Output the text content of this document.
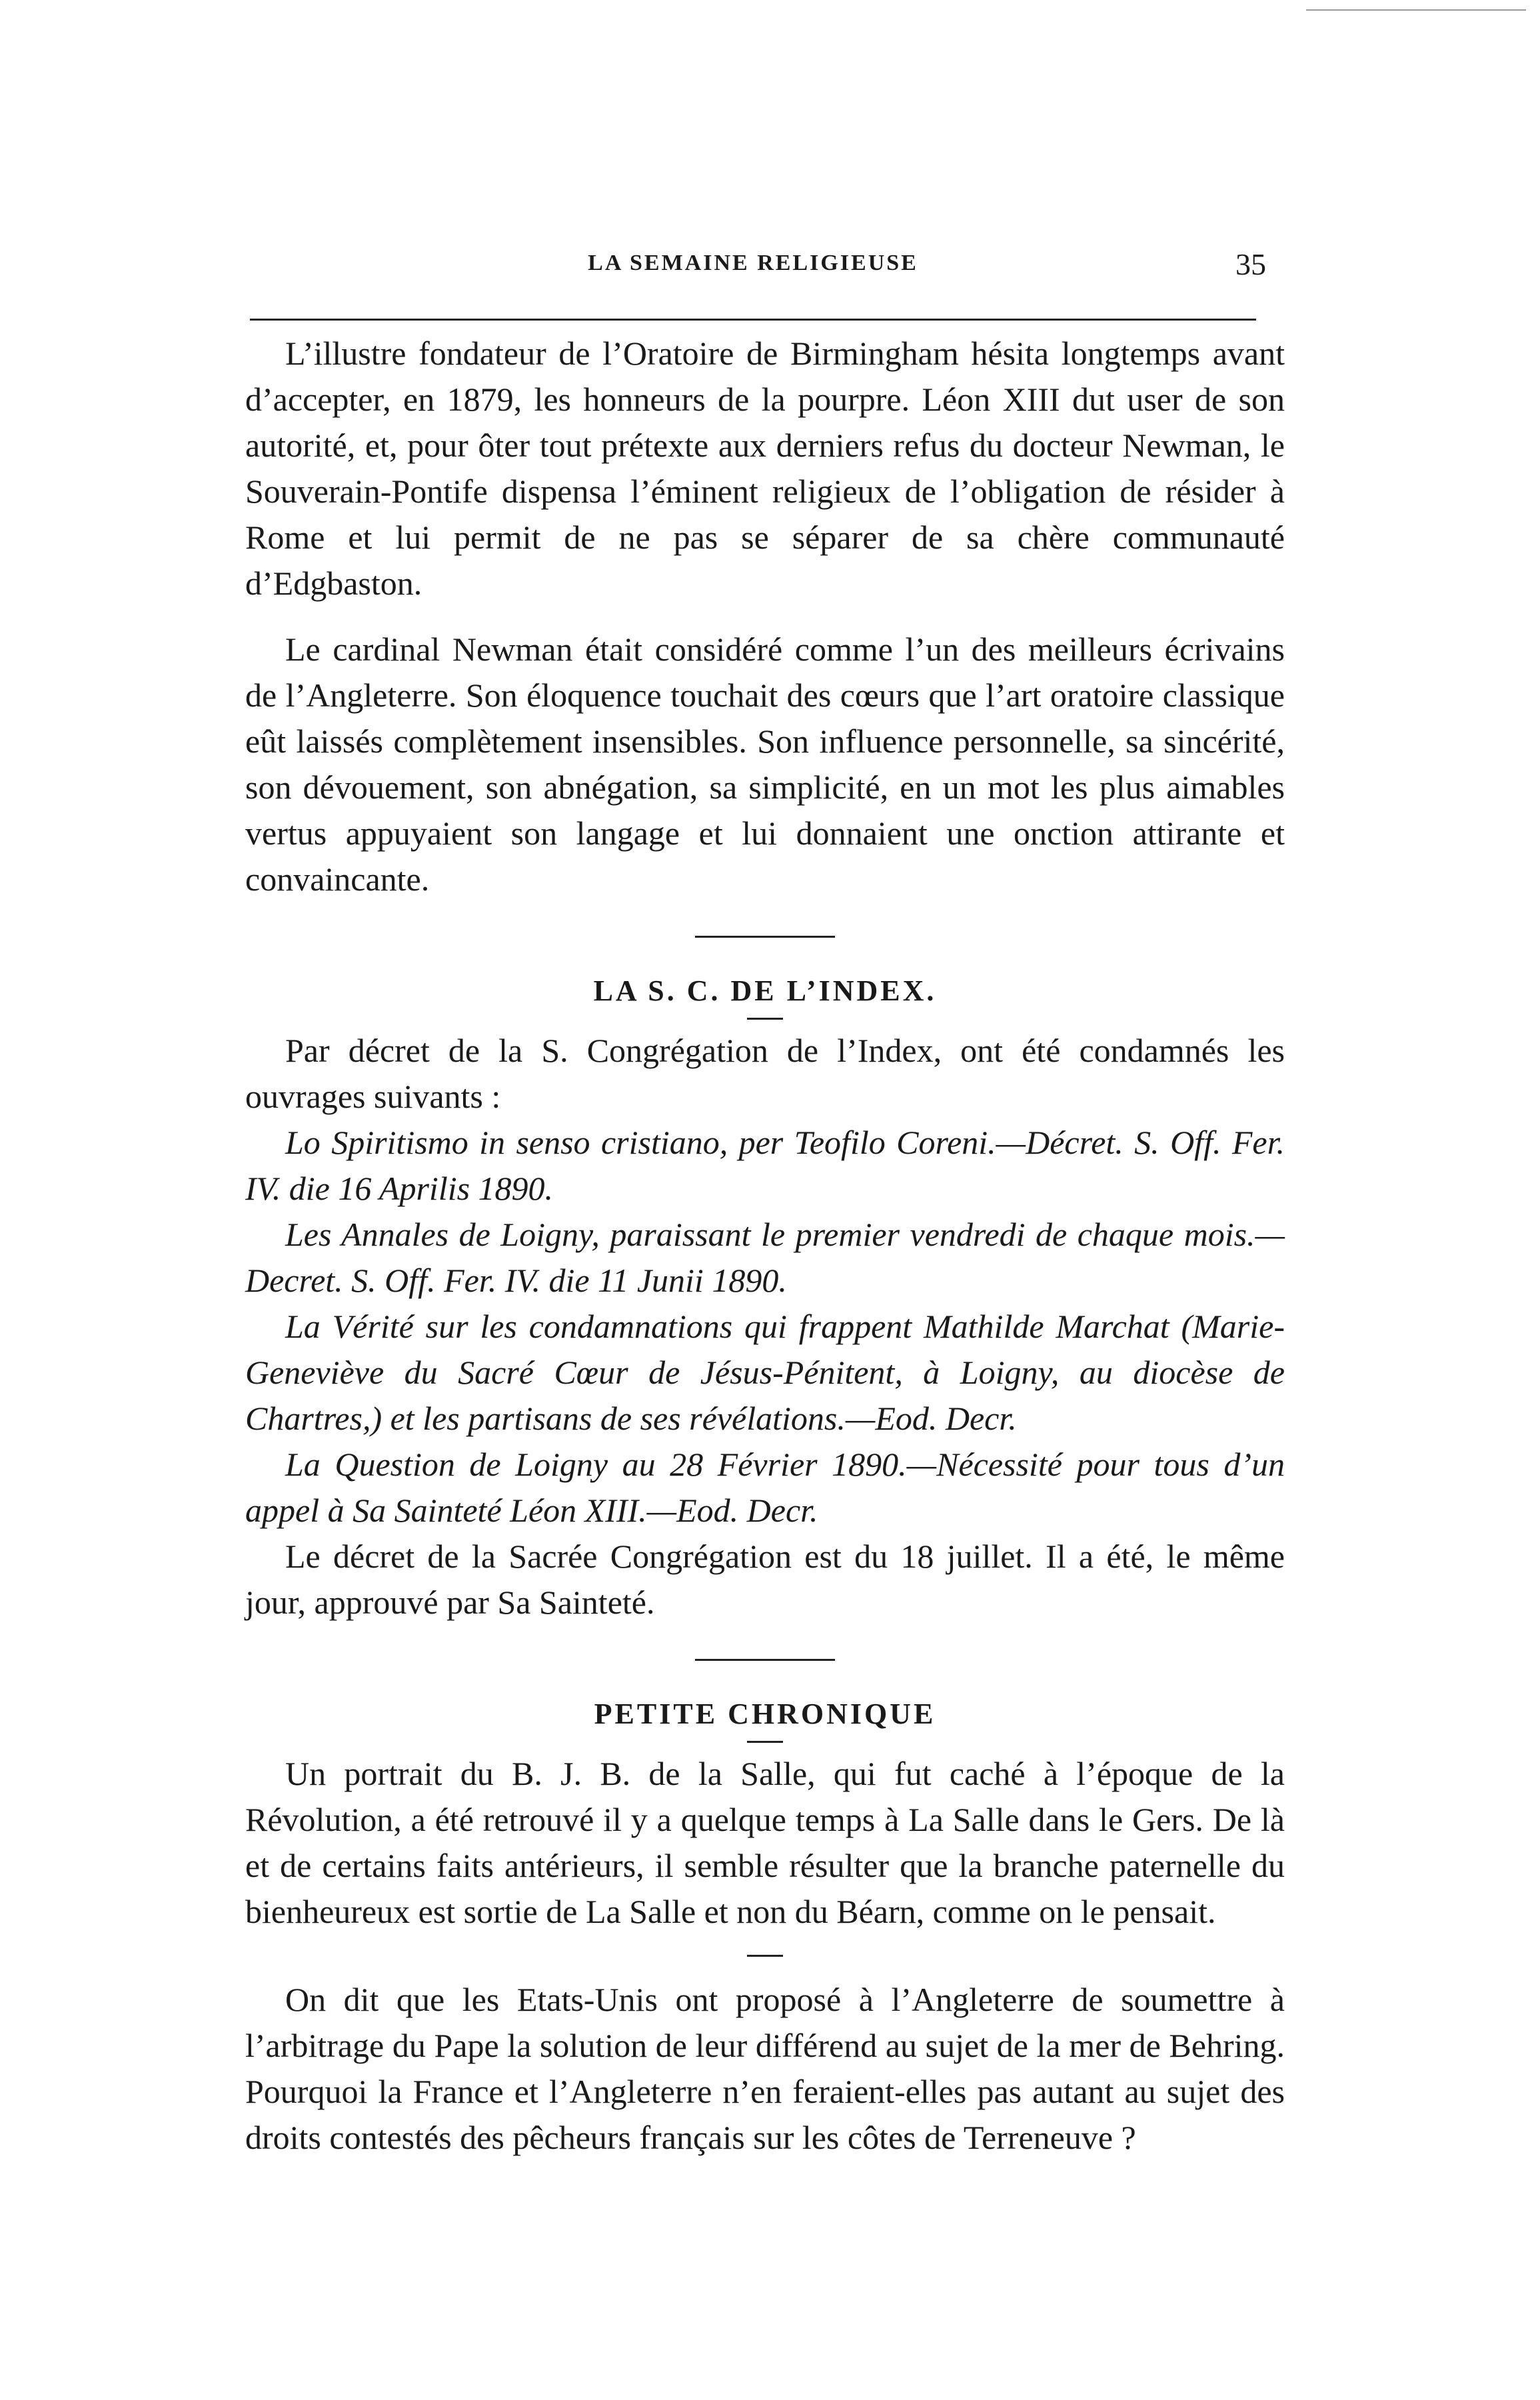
LA SEMAINE RELIGIEUSE	35

L’illustre fondateur de l’Oratoire de Birmingham hésita longtemps avant d’accepter, en 1879, les honneurs de la pourpre. Léon XIII dut user de son autorité, et, pour ôter tout prétexte aux derniers refus du docteur Newman, le Souverain-Pontife dispensa l’éminent religieux de l’obligation de résider à Rome et lui permit de ne pas se séparer de sa chère communauté d’Edgbaston.

Le cardinal Newman était considéré comme l’un des meilleurs écrivains de l’Angleterre. Son éloquence touchait des cœurs que l’art oratoire classique eût laissés complètement insensibles. Son influence personnelle, sa sincérité, son dévouement, son abnégation, sa simplicité, en un mot les plus aimables vertus appuyaient son langage et lui donnaient une onction attirante et convaincante.

LA S. C. DE L’INDEX.

Par décret de la S. Congrégation de l’Index, ont été condamnés les ouvrages suivants :

Lo Spiritismo in senso cristiano, per Teofilo Coreni.—Décret. S. Off. Fer. IV. die 16 Aprilis 1890.

Les Annales de Loigny, paraissant le premier vendredi de chaque mois.—Decret. S. Off. Fer. IV. die 11 Junii 1890.

La Vérité sur les condamnations qui frappent Mathilde Marchat (Marie-Geneviève du Sacré Cœur de Jésus-Pénitent, à Loigny, au diocèse de Chartres,) et les partisans de ses révélations.—Eod. Decr.

La Question de Loigny au 28 Février 1890.—Nécessité pour tous d’un appel à Sa Sainteté Léon XIII.—Eod. Decr.

Le décret de la Sacrée Congrégation est du 18 juillet. Il a été, le même jour, approuvé par Sa Sainteté.

PETITE CHRONIQUE

Un portrait du B. J. B. de la Salle, qui fut caché à l’époque de la Révolution, a été retrouvé il y a quelque temps à La Salle dans le Gers. De là et de certains faits antérieurs, il semble résulter que la branche paternelle du bienheureux est sortie de La Salle et non du Béarn, comme on le pensait.

On dit que les Etats-Unis ont proposé à l’Angleterre de soumettre à l’arbitrage du Pape la solution de leur différend au sujet de la mer de Behring. Pourquoi la France et l’Angleterre n’en feraient-elles pas autant au sujet des droits contestés des pêcheurs français sur les côtes de Terreneuve ?
